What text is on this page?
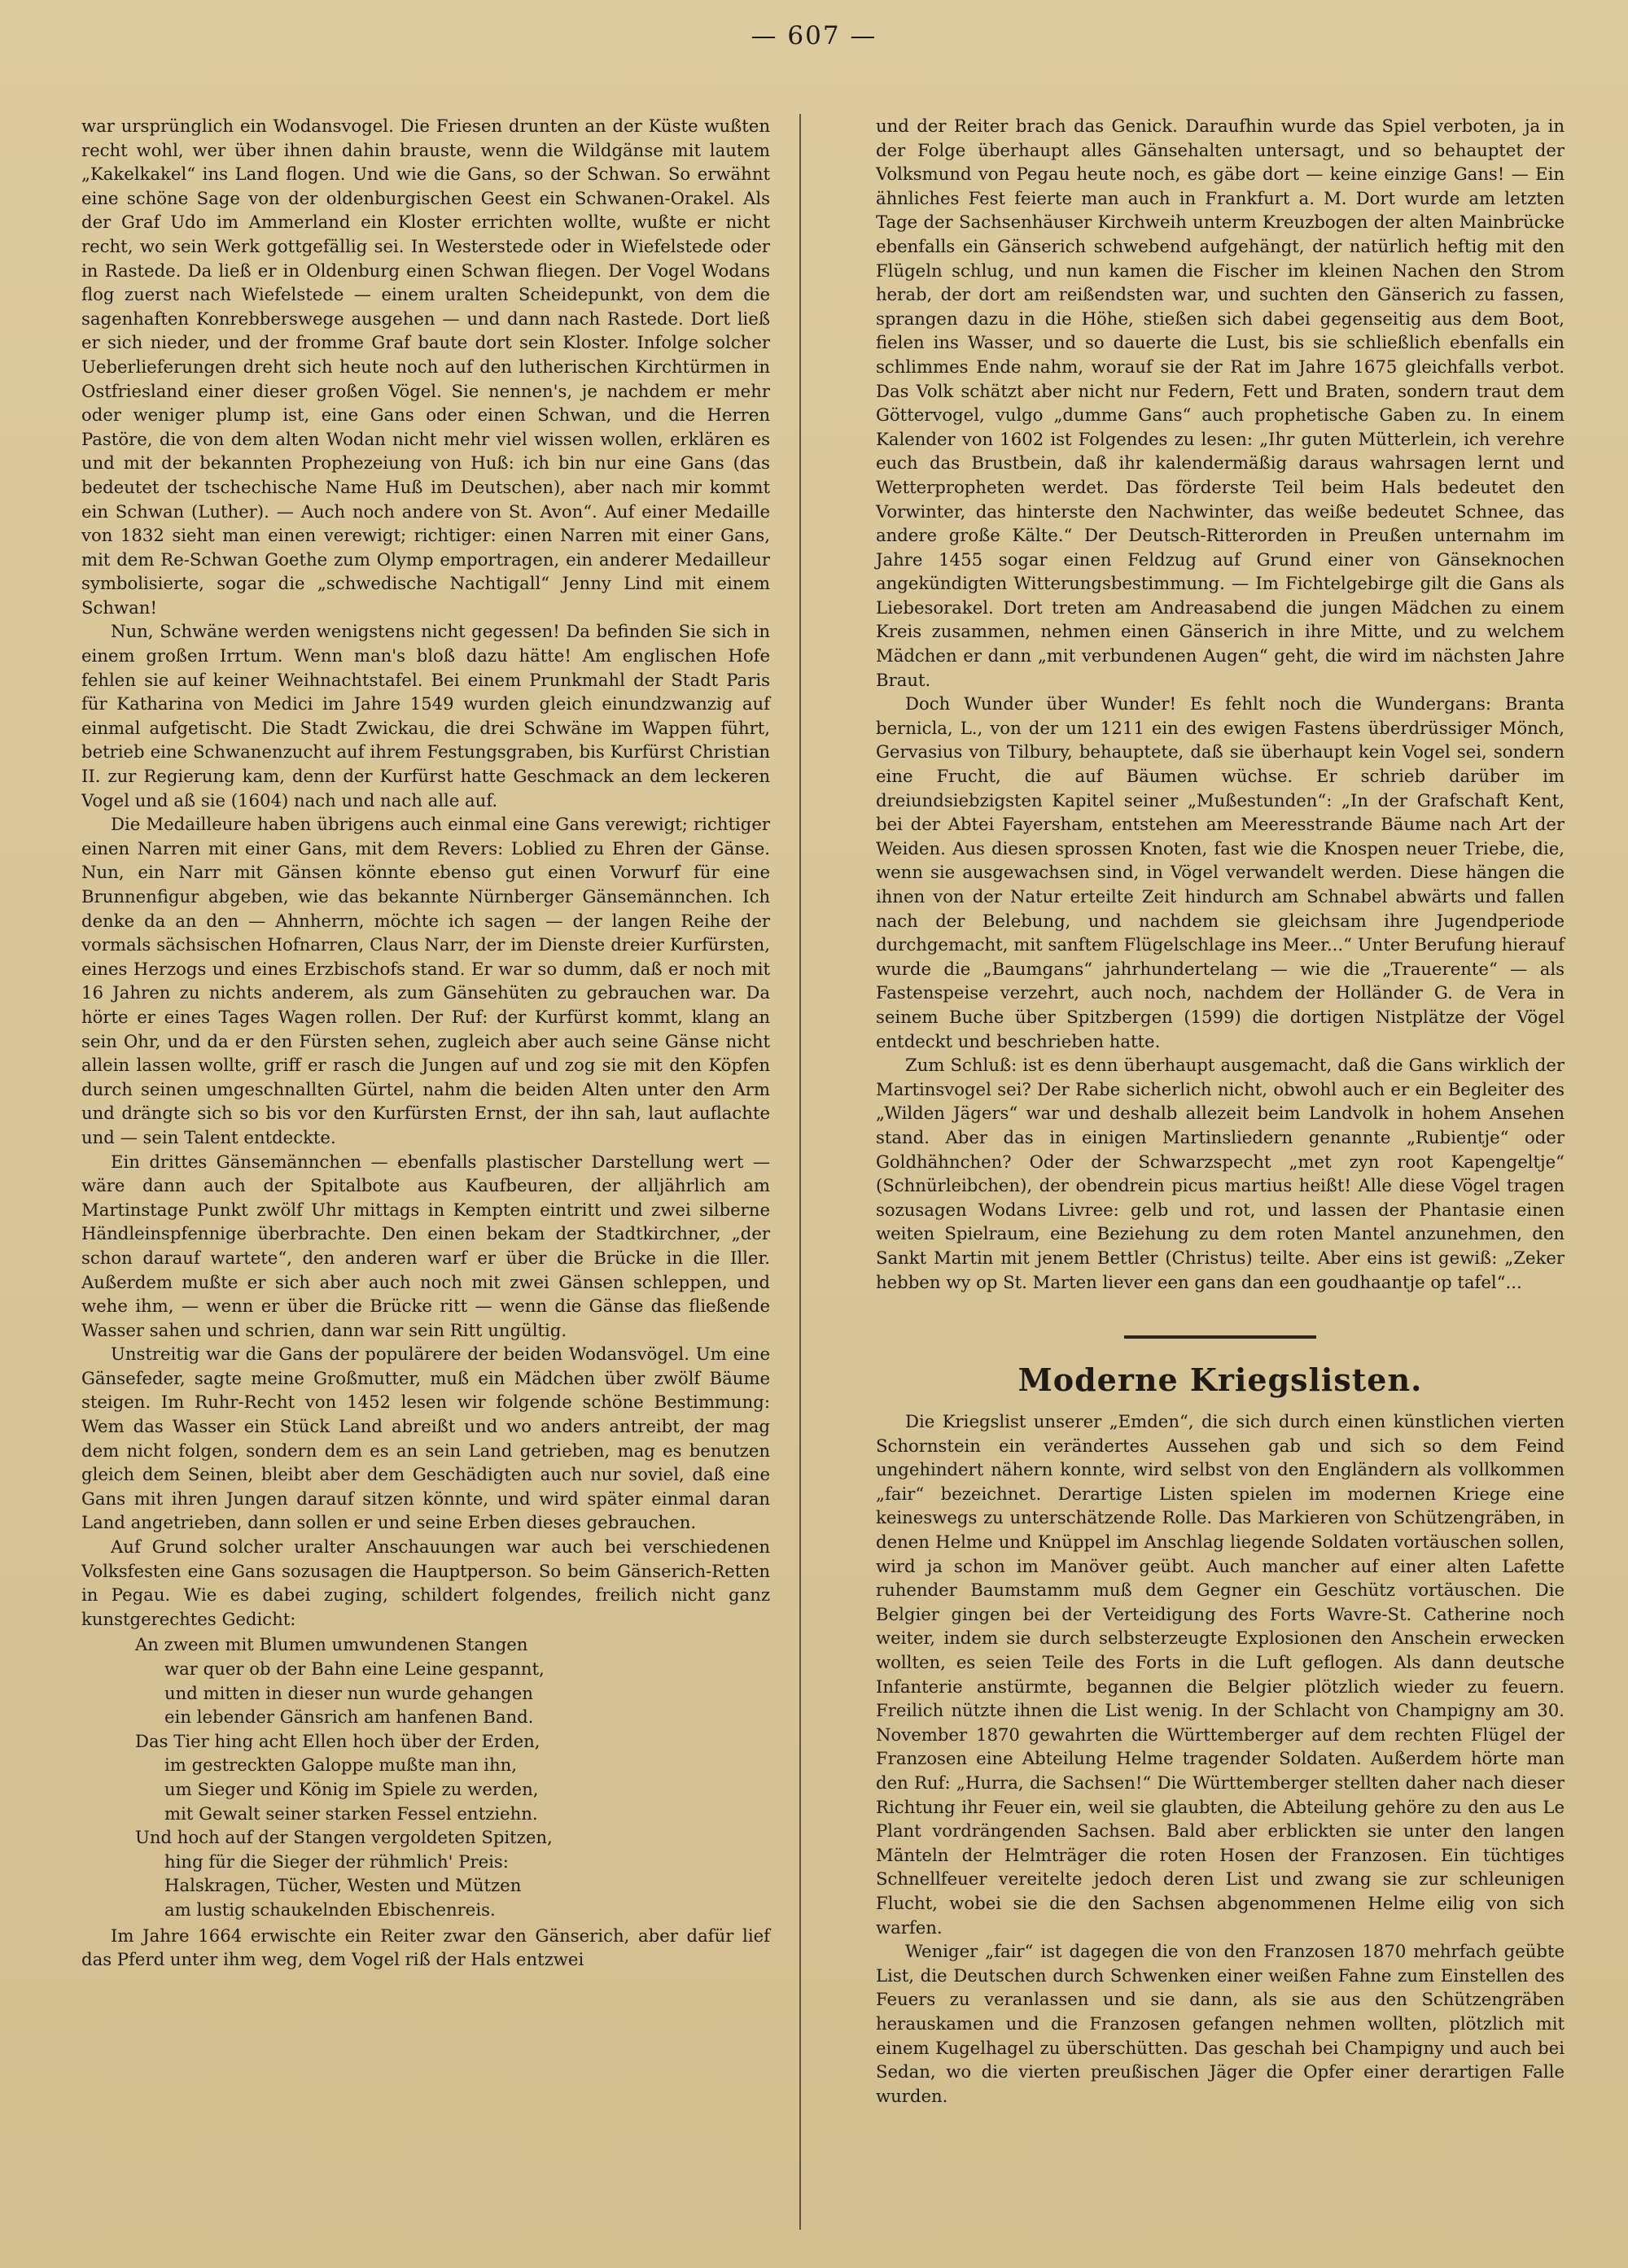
— 607 —

war ursprünglich ein Wodansvogel. Die Friesen drunten an der Küste wußten recht wohl, wer über ihnen dahin brauste, wenn die Wildgänse mit lautem „Kakelkakel“ ins Land flogen. Und wie die Gans, so der Schwan. So erwähnt eine schöne Sage von der oldenburgischen Geest ein Schwanen-Orakel. Als der Graf Udo im Ammerland ein Kloster errichten wollte, wußte er nicht recht, wo sein Werk gottgefällig sei. In Westerstede oder in Wiefelstede oder in Rastede. Da ließ er in Oldenburg einen Schwan fliegen. Der Vogel Wodans flog zuerst nach Wiefelstede — einem uralten Scheidepunkt, von dem die sagenhaften Konrebberswege ausgehen — und dann nach Rastede. Dort ließ er sich nieder, und der fromme Graf baute dort sein Kloster. Infolge solcher Ueberlieferungen dreht sich heute noch auf den lutherischen Kirchtürmen in Ostfriesland einer dieser großen Vögel. Sie nennen's, je nachdem er mehr oder weniger plump ist, eine Gans oder einen Schwan, und die Herren Pastöre, die von dem alten Wodan nicht mehr viel wissen wollen, erklären es und mit der bekannten Prophezeiung von Huß: ich bin nur eine Gans (das bedeutet der tschechische Name Huß im Deutschen), aber nach mir kommt ein Schwan (Luther). — Auch noch andere von St. Avon“. Auf einer Medaille von 1832 sieht man einen verewigt; richtiger: einen Narren mit einer Gans, mit dem Re-Schwan Goethe zum Olymp emportragen, ein anderer Medailleur symbolisierte, sogar die „schwedische Nachtigall“ Jenny Lind mit einem Schwan!

Nun, Schwäne werden wenigstens nicht gegessen! Da befinden Sie sich in einem großen Irrtum. Wenn man's bloß dazu hätte! Am englischen Hofe fehlen sie auf keiner Weihnachtstafel. Bei einem Prunkmahl der Stadt Paris für Katharina von Medici im Jahre 1549 wurden gleich einundzwanzig auf einmal aufgetischt. Die Stadt Zwickau, die drei Schwäne im Wappen führt, betrieb eine Schwanenzucht auf ihrem Festungsgraben, bis Kurfürst Christian II. zur Regierung kam, denn der Kurfürst hatte Geschmack an dem leckeren Vogel und aß sie (1604) nach und nach alle auf.

Die Medailleure haben übrigens auch einmal eine Gans verewigt; richtiger einen Narren mit einer Gans, mit dem Revers: Loblied zu Ehren der Gänse. Nun, ein Narr mit Gänsen könnte ebenso gut einen Vorwurf für eine Brunnenfigur abgeben, wie das bekannte Nürnberger Gänsemännchen. Ich denke da an den — Ahnherrn, möchte ich sagen — der langen Reihe der vormals sächsischen Hofnarren, Claus Narr, der im Dienste dreier Kurfürsten, eines Herzogs und eines Erzbischofs stand. Er war so dumm, daß er noch mit 16 Jahren zu nichts anderem, als zum Gänsehüten zu gebrauchen war. Da hörte er eines Tages Wagen rollen. Der Ruf: der Kurfürst kommt, klang an sein Ohr, und da er den Fürsten sehen, zugleich aber auch seine Gänse nicht allein lassen wollte, griff er rasch die Jungen auf und zog sie mit den Köpfen durch seinen umgeschnallten Gürtel, nahm die beiden Alten unter den Arm und drängte sich so bis vor den Kurfürsten Ernst, der ihn sah, laut auflachte und — sein Talent entdeckte.

Ein drittes Gänsemännchen — ebenfalls plastischer Darstellung wert — wäre dann auch der Spitalbote aus Kaufbeuren, der alljährlich am Martinstage Punkt zwölf Uhr mittags in Kempten eintritt und zwei silberne Händleinspfennige überbrachte. Den einen bekam der Stadtkirchner, „der schon darauf wartete“, den anderen warf er über die Brücke in die Iller. Außerdem mußte er sich aber auch noch mit zwei Gänsen schleppen, und wehe ihm, — wenn er über die Brücke ritt — wenn die Gänse das fließende Wasser sahen und schrien, dann war sein Ritt ungültig.

Unstreitig war die Gans der populärere der beiden Wodansvögel. Um eine Gänsefeder, sagte meine Großmutter, muß ein Mädchen über zwölf Bäume steigen. Im Ruhr-Recht von 1452 lesen wir folgende schöne Bestimmung: Wem das Wasser ein Stück Land abreißt und wo anders antreibt, der mag dem nicht folgen, sondern dem es an sein Land getrieben, mag es benutzen gleich dem Seinen, bleibt aber dem Geschädigten auch nur soviel, daß eine Gans mit ihren Jungen darauf sitzen könnte, und wird später einmal daran Land angetrieben, dann sollen er und seine Erben dieses gebrauchen.

Auf Grund solcher uralter Anschauungen war auch bei verschiedenen Volksfesten eine Gans sozusagen die Hauptperson. So beim Gänserich-Retten in Pegau. Wie es dabei zuging, schildert folgendes, freilich nicht ganz kunstgerechtes Gedicht:

An zween mit Blumen umwundenen Stangen
war quer ob der Bahn eine Leine gespannt,
und mitten in dieser nun wurde gehangen
ein lebender Gänsrich am hanfenen Band.
Das Tier hing acht Ellen hoch über der Erden,
im gestreckten Galoppe mußte man ihn,
um Sieger und König im Spiele zu werden,
mit Gewalt seiner starken Fessel entziehn.
Und hoch auf der Stangen vergoldeten Spitzen,
hing für die Sieger der rühmlich' Preis:
Halskragen, Tücher, Westen und Mützen
am lustig schaukelnden Ebischenreis.

Im Jahre 1664 erwischte ein Reiter zwar den Gänserich, aber dafür lief das Pferd unter ihm weg, dem Vogel riß der Hals entzwei

und der Reiter brach das Genick. Daraufhin wurde das Spiel verboten, ja in der Folge überhaupt alles Gänsehalten untersagt, und so behauptet der Volksmund von Pegau heute noch, es gäbe dort — keine einzige Gans! — Ein ähnliches Fest feierte man auch in Frankfurt a. M. Dort wurde am letzten Tage der Sachsenhäuser Kirchweih unterm Kreuzbogen der alten Mainbrücke ebenfalls ein Gänserich schwebend aufgehängt, der natürlich heftig mit den Flügeln schlug, und nun kamen die Fischer im kleinen Nachen den Strom herab, der dort am reißendsten war, und suchten den Gänserich zu fassen, sprangen dazu in die Höhe, stießen sich dabei gegenseitig aus dem Boot, fielen ins Wasser, und so dauerte die Lust, bis sie schließlich ebenfalls ein schlimmes Ende nahm, worauf sie der Rat im Jahre 1675 gleichfalls verbot. Das Volk schätzt aber nicht nur Federn, Fett und Braten, sondern traut dem Göttervogel, vulgo „dumme Gans“ auch prophetische Gaben zu. In einem Kalender von 1602 ist Folgendes zu lesen: „Ihr guten Mütterlein, ich verehre euch das Brustbein, daß ihr kalendermäßig daraus wahrsagen lernt und Wetterpropheten werdet. Das förderste Teil beim Hals bedeutet den Vorwinter, das hinterste den Nachwinter, das weiße bedeutet Schnee, das andere große Kälte.“ Der Deutsch-Ritterorden in Preußen unternahm im Jahre 1455 sogar einen Feldzug auf Grund einer von Gänseknochen angekündigten Witterungsbestimmung. — Im Fichtelgebirge gilt die Gans als Liebesorakel. Dort treten am Andreasabend die jungen Mädchen zu einem Kreis zusammen, nehmen einen Gänserich in ihre Mitte, und zu welchem Mädchen er dann „mit verbundenen Augen“ geht, die wird im nächsten Jahre Braut.

Doch Wunder über Wunder! Es fehlt noch die Wundergans: Branta bernicla, L., von der um 1211 ein des ewigen Fastens überdrüssiger Mönch, Gervasius von Tilbury, behauptete, daß sie überhaupt kein Vogel sei, sondern eine Frucht, die auf Bäumen wüchse. Er schrieb darüber im dreiundsiebzigsten Kapitel seiner „Mußestunden“: „In der Grafschaft Kent, bei der Abtei Fayersham, entstehen am Meeresstrande Bäume nach Art der Weiden. Aus diesen sprossen Knoten, fast wie die Knospen neuer Triebe, die, wenn sie ausgewachsen sind, in Vögel verwandelt werden. Diese hängen die ihnen von der Natur erteilte Zeit hindurch am Schnabel abwärts und fallen nach der Belebung, und nachdem sie gleichsam ihre Jugendperiode durchgemacht, mit sanftem Flügelschlage ins Meer...“ Unter Berufung hierauf wurde die „Baumgans“ jahrhundertelang — wie die „Trauerente“ — als Fastenspeise verzehrt, auch noch, nachdem der Holländer G. de Vera in seinem Buche über Spitzbergen (1599) die dortigen Nistplätze der Vögel entdeckt und beschrieben hatte.

Zum Schluß: ist es denn überhaupt ausgemacht, daß die Gans wirklich der Martinsvogel sei? Der Rabe sicherlich nicht, obwohl auch er ein Begleiter des „Wilden Jägers“ war und deshalb allezeit beim Landvolk in hohem Ansehen stand. Aber das in einigen Martinsliedern genannte „Rubientje“ oder Goldhähnchen? Oder der Schwarzspecht „met zyn root Kapengeltje“ (Schnürleibchen), der obendrein picus martius heißt! Alle diese Vögel tragen sozusagen Wodans Livree: gelb und rot, und lassen der Phantasie einen weiten Spielraum, eine Beziehung zu dem roten Mantel anzunehmen, den Sankt Martin mit jenem Bettler (Christus) teilte. Aber eins ist gewiß: „Zeker hebben wy op St. Marten liever een gans dan een goudhaantje op tafel“...

Moderne Kriegslisten.

Die Kriegslist unserer „Emden“, die sich durch einen künstlichen vierten Schornstein ein verändertes Aussehen gab und sich so dem Feind ungehindert nähern konnte, wird selbst von den Engländern als vollkommen „fair“ bezeichnet. Derartige Listen spielen im modernen Kriege eine keineswegs zu unterschätzende Rolle. Das Markieren von Schützengräben, in denen Helme und Knüppel im Anschlag liegende Soldaten vortäuschen sollen, wird ja schon im Manöver geübt. Auch mancher auf einer alten Lafette ruhender Baumstamm muß dem Gegner ein Geschütz vortäuschen. Die Belgier gingen bei der Verteidigung des Forts Wavre-St. Catherine noch weiter, indem sie durch selbsterzeugte Explosionen den Anschein erwecken wollten, es seien Teile des Forts in die Luft geflogen. Als dann deutsche Infanterie anstürmte, begannen die Belgier plötzlich wieder zu feuern. Freilich nützte ihnen die List wenig. In der Schlacht von Champigny am 30. November 1870 gewahrten die Württemberger auf dem rechten Flügel der Franzosen eine Abteilung Helme tragender Soldaten. Außerdem hörte man den Ruf: „Hurra, die Sachsen!“ Die Württemberger stellten daher nach dieser Richtung ihr Feuer ein, weil sie glaubten, die Abteilung gehöre zu den aus Le Plant vordrängenden Sachsen. Bald aber erblickten sie unter den langen Mänteln der Helmträger die roten Hosen der Franzosen. Ein tüchtiges Schnellfeuer vereitelte jedoch deren List und zwang sie zur schleunigen Flucht, wobei sie die den Sachsen abgenommenen Helme eilig von sich warfen.

Weniger „fair“ ist dagegen die von den Franzosen 1870 mehrfach geübte List, die Deutschen durch Schwenken einer weißen Fahne zum Einstellen des Feuers zu veranlassen und sie dann, als sie aus den Schützengräben herauskamen und die Franzosen gefangen nehmen wollten, plötzlich mit einem Kugelhagel zu überschütten. Das geschah bei Champigny und auch bei Sedan, wo die vierten preußischen Jäger die Opfer einer derartigen Falle wurden.
